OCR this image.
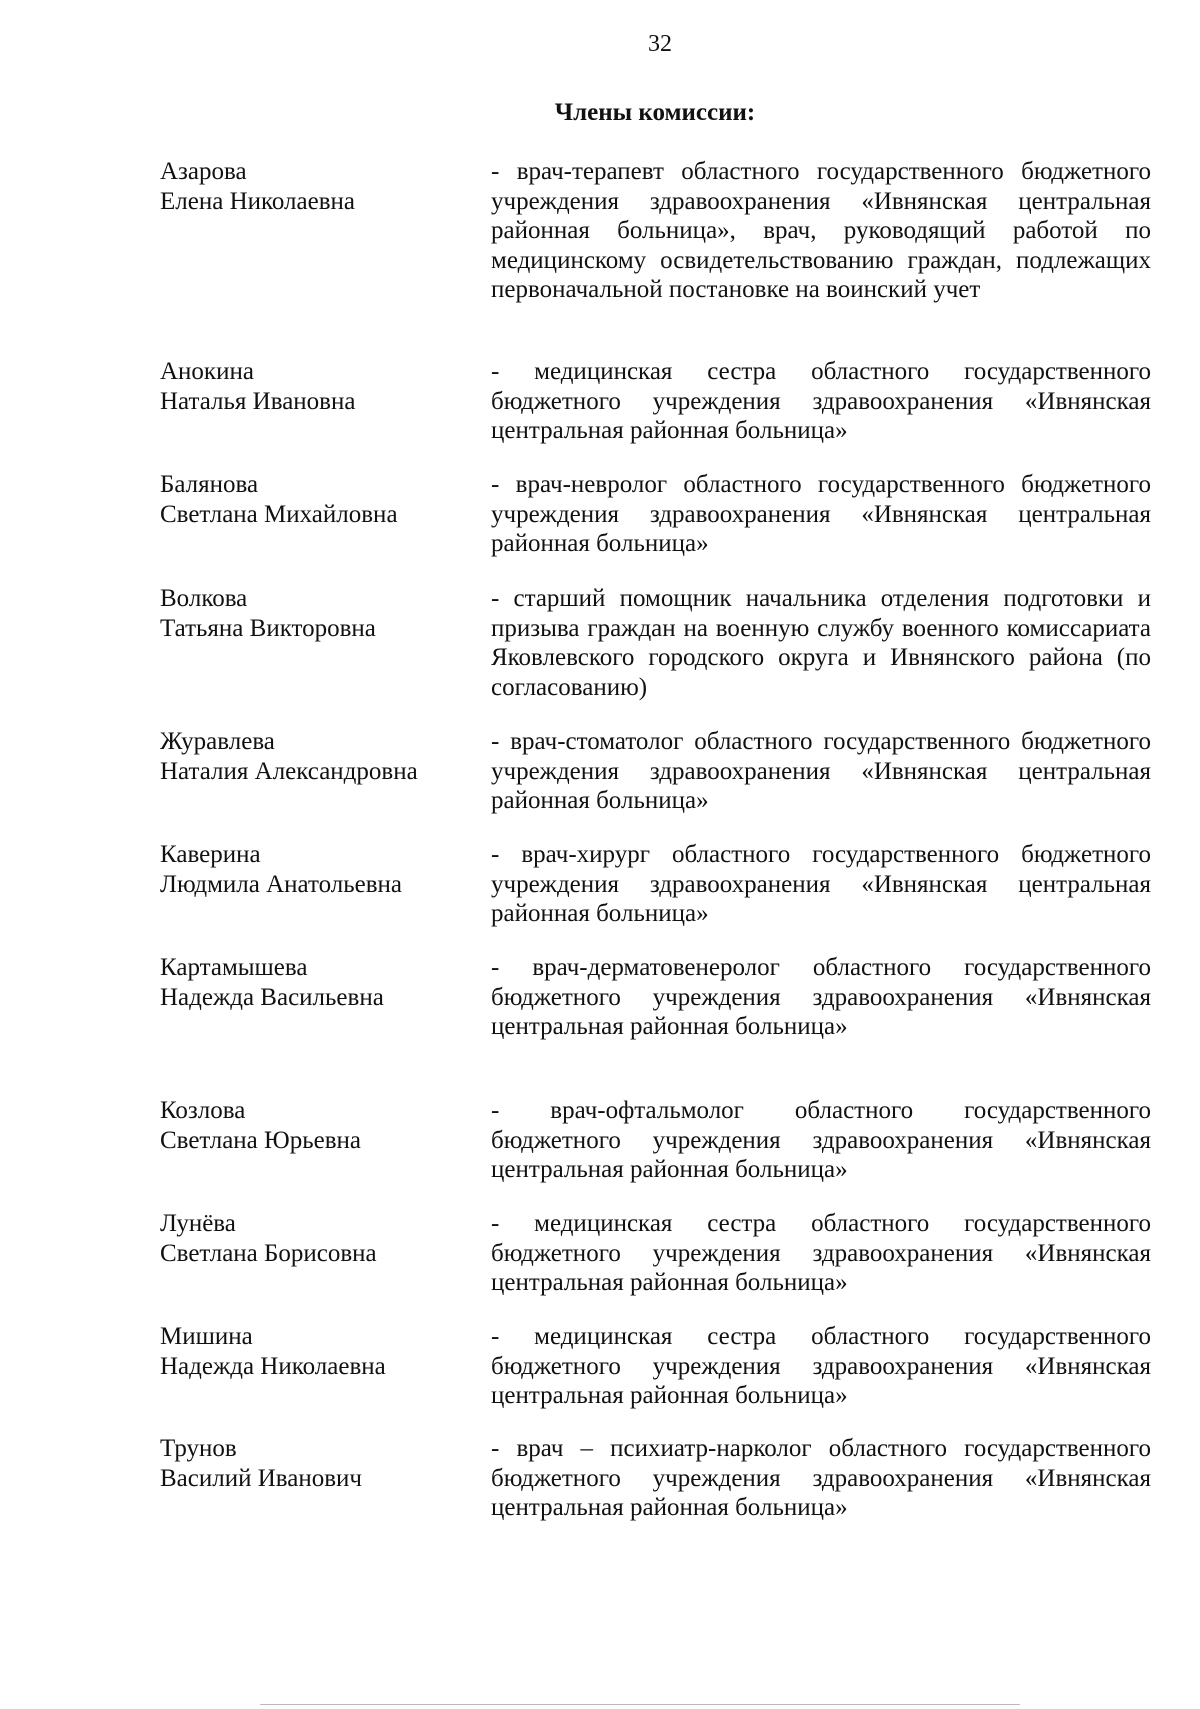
32
Члены комиссии:
Азарова
Елена Николаевна
- врач-терапевт областного государственного бюджетного учреждения здравоохранения «Ивнянская центральная районная больница», врач, руководящий работой по медицинскому освидетельствованию граждан, подлежащих первоначальной постановке на воинский учет
Анокина
Наталья Ивановна
- медицинская сестра областного государственного бюджетного учреждения здравоохранения «Ивнянская центральная районная больница»
Балянова
Светлана Михайловна
- врач-невролог областного государственного бюджетного учреждения здравоохранения «Ивнянская центральная районная больница»
Волкова
Татьяна Викторовна
- старший помощник начальника отделения подготовки и призыва граждан на военную службу военного комиссариата Яковлевского городского округа и Ивнянского района (по согласованию)
Журавлева
Наталия Александровна
- врач-стоматолог областного государственного бюджетного учреждения здравоохранения «Ивнянская центральная районная больница»
Каверина
Людмила Анатольевна
- врач-хирург областного государственного бюджетного учреждения здравоохранения «Ивнянская центральная районная больница»
Картамышева
Надежда Васильевна
- врач-дерматовенеролог областного государственного бюджетного учреждения здравоохранения «Ивнянская центральная районная больница»
Козлова
Светлана Юрьевна
- врач-офтальмолог областного государственного бюджетного учреждения здравоохранения «Ивнянская центральная районная больница»
Лунёва
Светлана Борисовна
- медицинская сестра областного государственного бюджетного учреждения здравоохранения «Ивнянская центральная районная больница»
Мишина
Надежда Николаевна
- медицинская сестра областного государственного бюджетного учреждения здравоохранения «Ивнянская центральная районная больница»
Трунов
Василий Иванович
- врач – психиатр-нарколог областного государственного бюджетного учреждения здравоохранения «Ивнянская центральная районная больница»
